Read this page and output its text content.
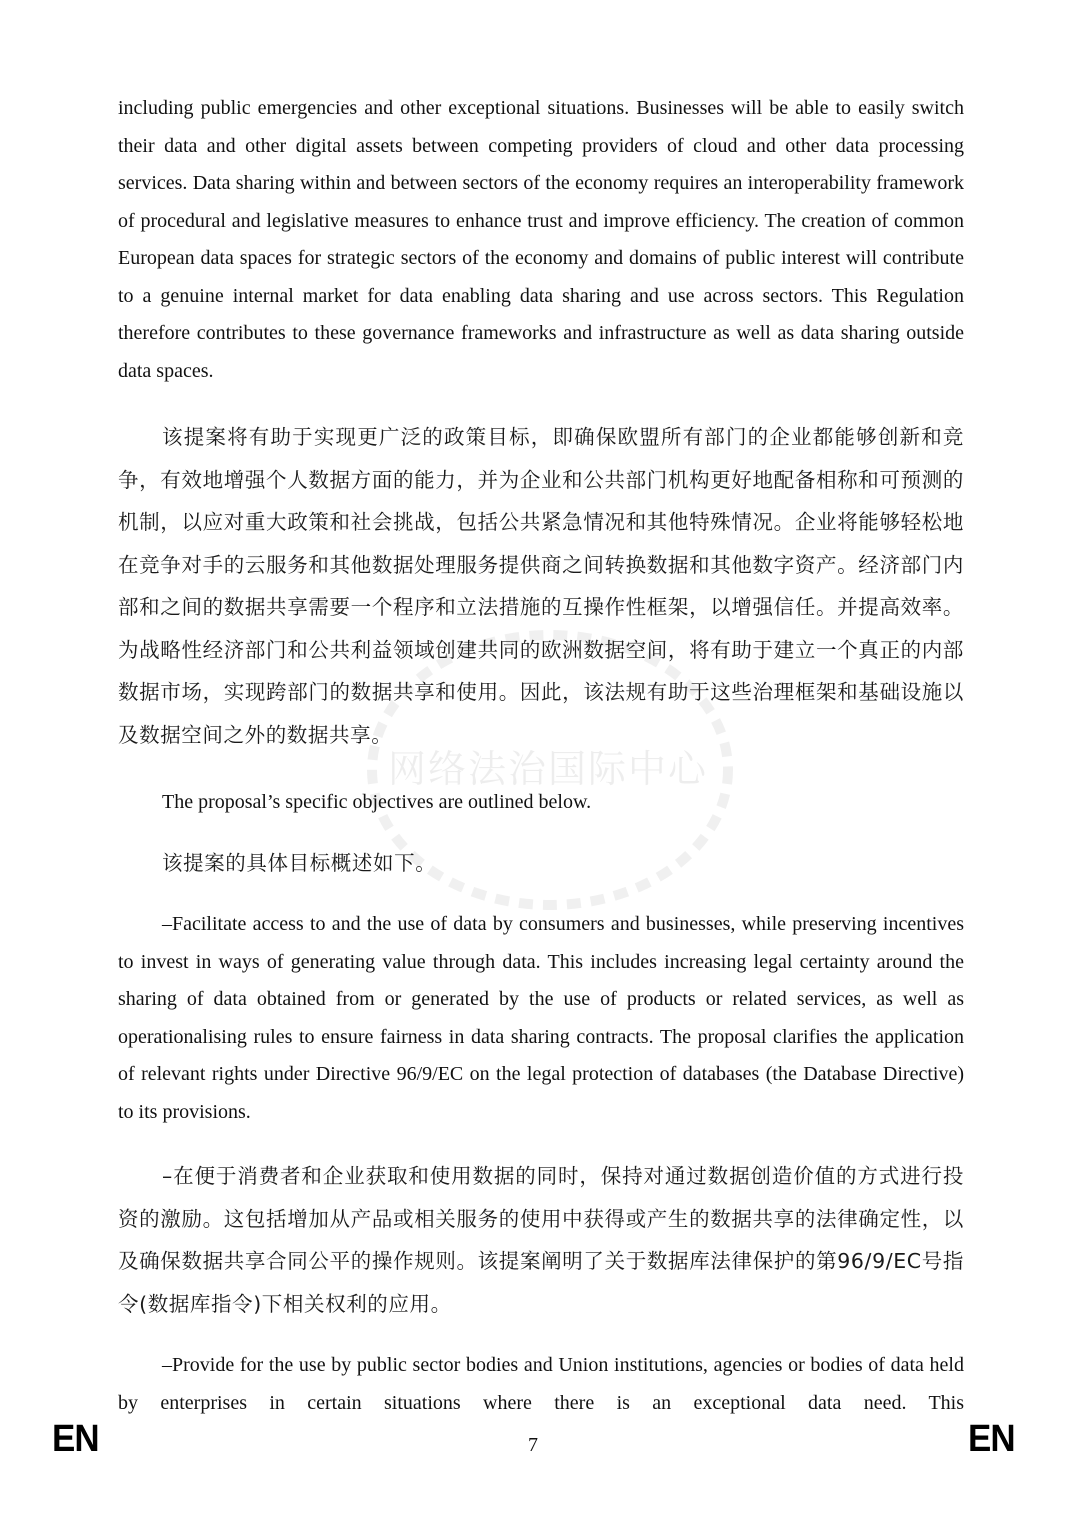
网络法治国际中心

including public emergencies and other exceptional situations. Businesses will be able to easily switch their data and other digital assets between competing providers of cloud and other data processing services. Data sharing within and between sectors of the economy requires an interoperability framework of procedural and legislative measures to enhance trust and improve efficiency. The creation of common European data spaces for strategic sectors of the economy and domains of public interest will contribute to a genuine internal market for data enabling data sharing and use across sectors. This Regulation therefore contributes to these governance frameworks and infrastructure as well as data sharing outside data spaces.

该提案将有助于实现更广泛的政策目标，即确保欧盟所有部门的企业都能够创新和竞争，有效地增强个人数据方面的能力，并为企业和公共部门机构更好地配备相称和可预测的机制，以应对重大政策和社会挑战，包括公共紧急情况和其他特殊情况。企业将能够轻松地在竞争对手的云服务和其他数据处理服务提供商之间转换数据和其他数字资产。经济部门内部和之间的数据共享需要一个程序和立法措施的互操作性框架，以增强信任。并提高效率。为战略性经济部门和公共利益领域创建共同的欧洲数据空间，将有助于建立一个真正的内部数据市场，实现跨部门的数据共享和使用。因此，该法规有助于这些治理框架和基础设施以及数据空间之外的数据共享。

The proposal’s specific objectives are outlined below.

该提案的具体目标概述如下。

–Facilitate access to and the use of data by consumers and businesses, while preserving incentives to invest in ways of generating value through data. This includes increasing legal certainty around the sharing of data obtained from or generated by the use of products or related services, as well as operationalising rules to ensure fairness in data sharing contracts. The proposal clarifies the application of relevant rights under Directive 96/9/EC on the legal protection of databases (the Database Directive) to its provisions.

–在便于消费者和企业获取和使用数据的同时，保持对通过数据创造价值的方式进行投资的激励。这包括增加从产品或相关服务的使用中获得或产生的数据共享的法律确定性，以及确保数据共享合同公平的操作规则。该提案阐明了关于数据库法律保护的第96/9/EC号指令(数据库指令)下相关权利的应用。

–Provide for the use by public sector bodies and Union institutions, agencies or bodies of data held by enterprises in certain situations where there is an exceptional data need. This

EN	7	EN
